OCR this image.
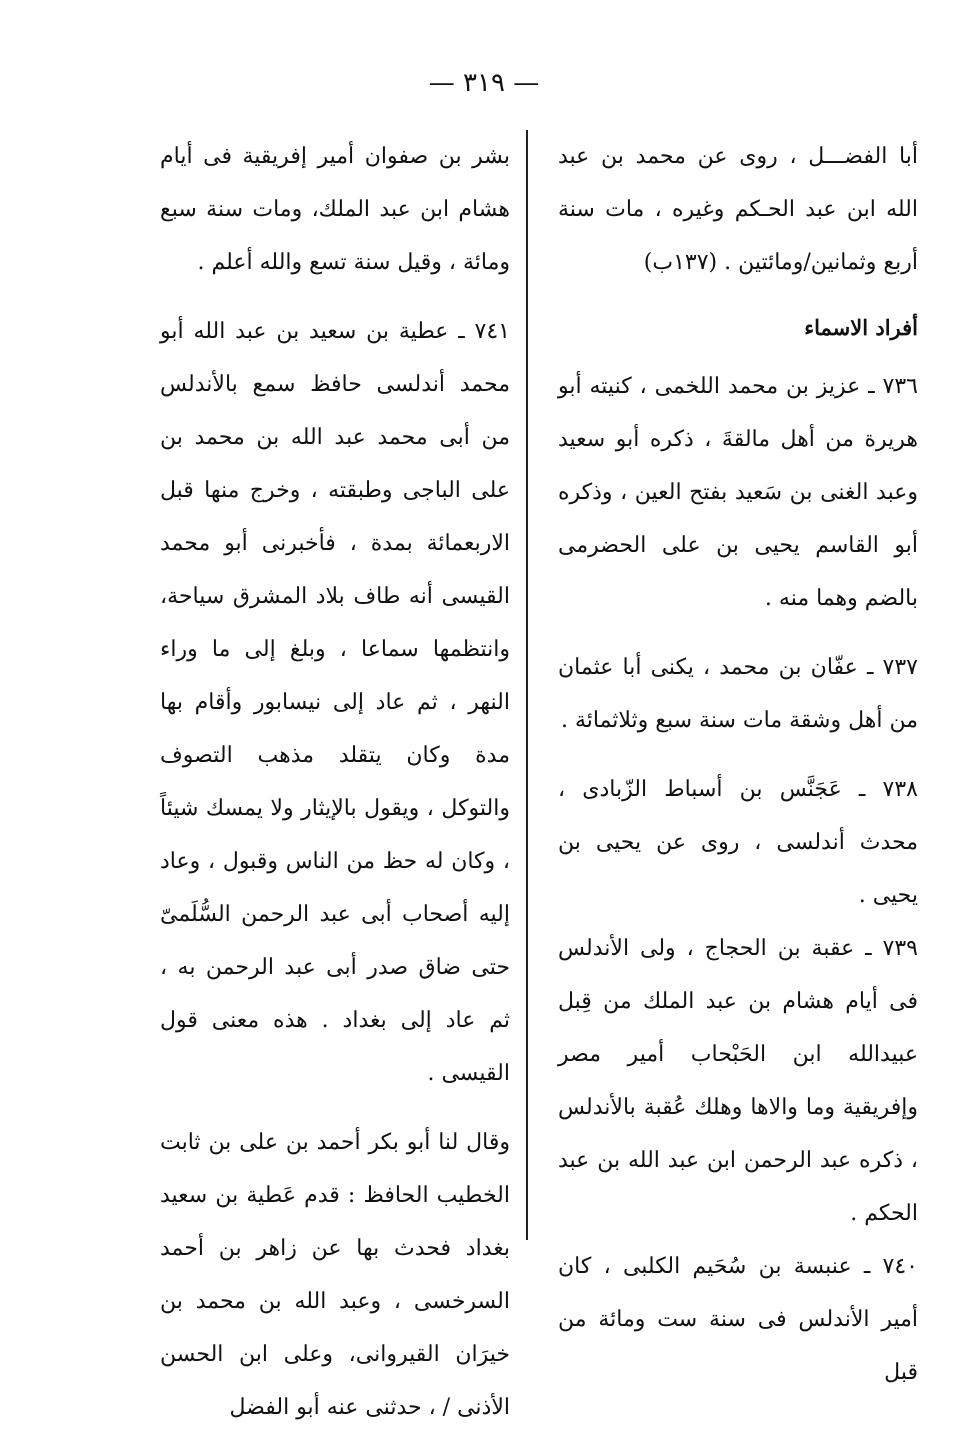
— ٣١٩ —

أبا الفضـــل ، روى عن محمد بن عبد الله ابن عبد الحـكم وغيره ، مات سنة أربع وثمانين/ومائتين . (١٣٧ب)

أفراد الاسماء

٧٣٦ ـ عزيز بن محمد اللخمى ، كنيته أبو هريرة من أهل مالقةَ ، ذكره أبو سعيد وعبد الغنى بن سَعيد بفتح العين ، وذكره أبو القاسم يحيى بن على الحضرمى بالضم وهما منه .

٧٣٧ ـ عفّان بن محمد ، يكنى أبا عثمان من أهل وشقة مات سنة سبع وثلاثمائة .

٧٣٨ ـ عَجَنَّس بن أسباط الزّبادى ، محدث أندلسى ، روى عن يحيى بن يحيى .

٧٣٩ ـ عقبة بن الحجاج ، ولى الأندلس فى أيام هشام بن عبد الملك من قِبل عبيدالله ابن الحَبْحاب أمير مصر وإفريقية وما والاها وهلك عُقبة بالأندلس ، ذكره عبد الرحمن ابن عبد الله بن عبد الحكم .

٧٤٠ ـ عنبسة بن سُحَيم الكلبى ، كان أمير الأندلس فى سنة ست ومائة من قبل

بشر بن صفوان أمير إفريقية فى أيام هشام ابن عبد الملك، ومات سنة سبع ومائة ، وقيل سنة تسع والله أعلم .

٧٤١ ـ عطية بن سعيد بن عبد الله أبو محمد أندلسى حافظ سمع بالأندلس من أبى محمد عبد الله بن محمد بن على الباجى وطبقته ، وخرج منها قبل الاربعمائة بمدة ، فأخبرنى أبو محمد القيسى أنه طاف بلاد المشرق سياحة، وانتظمها سماعا ، وبلغ إلى ما وراء النهر ، ثم عاد إلى نيسابور وأقام بها مدة وكان يتقلد مذهب التصوف والتوكل ، ويقول بالإيثار ولا يمسك شيئاً ، وكان له حظ من الناس وقبول ، وعاد إليه أصحاب أبى عبد الرحمن السُّلَمىّ حتى ضاق صدر أبى عبد الرحمن به ، ثم عاد إلى بغداد . هذه معنى قول القيسى .

وقال لنا أبو بكر أحمد بن على بن ثابت الخطيب الحافظ : قدم عَطية بن سعيد بغداد فحدث بها عن زاهر بن أحمد السرخسى ، وعبد الله بن محمد بن خيرَان القيروانى، وعلى ابن الحسن الأذنى / ، حدثنى عنه أبو الفضل
